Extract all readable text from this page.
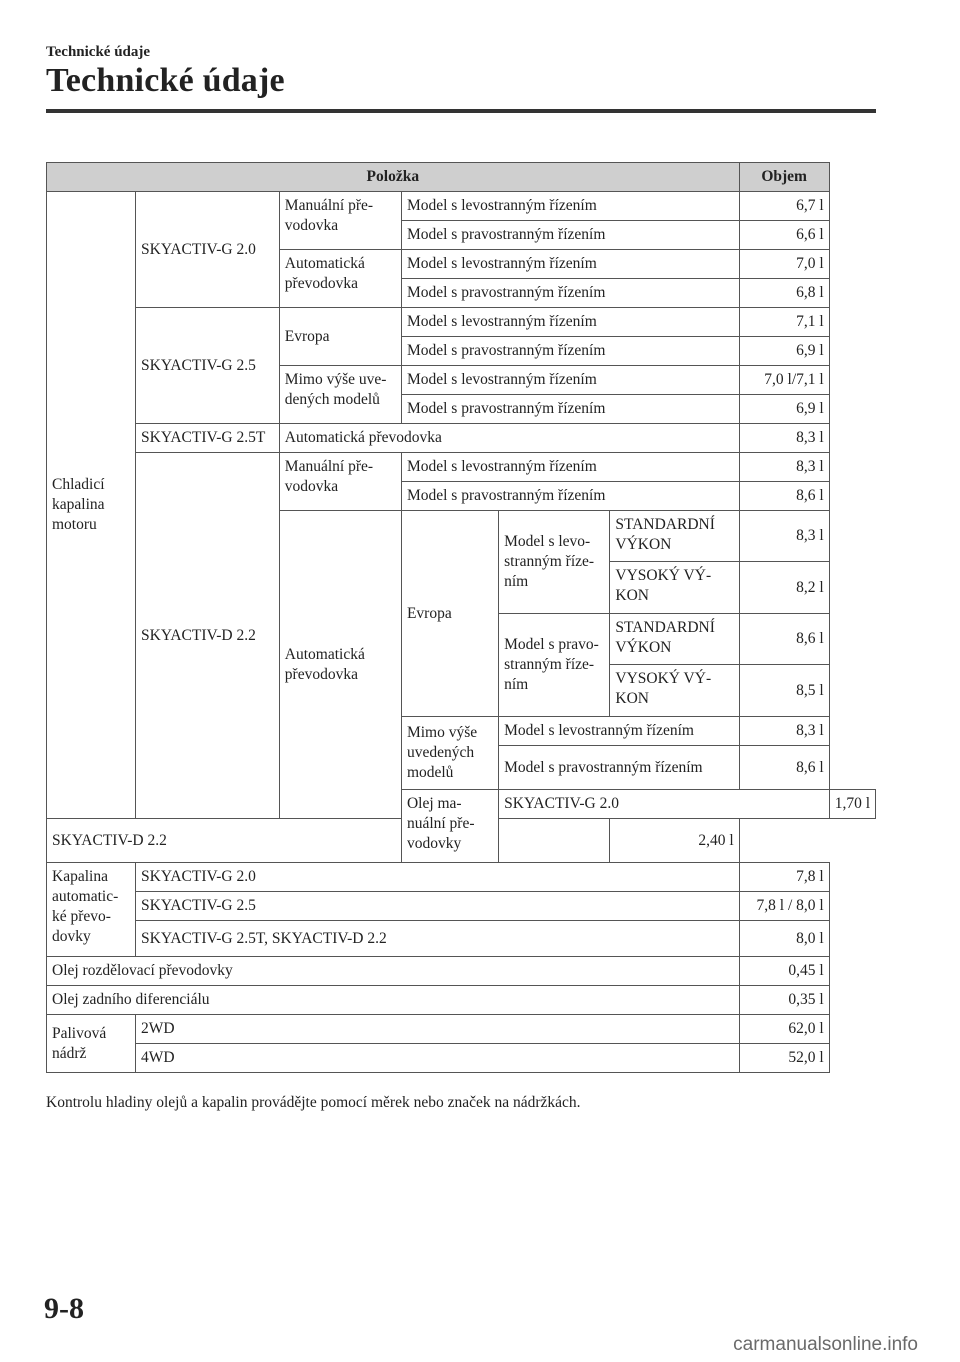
Technické údaje
Technické údaje
Položka						Objem	
Chladicí kapalina motoru	SKYACTIV-G 2.0	Manuální pře-vodovka	Model s levostranným řízením			6,7 l	
			Model s pravostranným řízením			6,6 l	
		Automatická převodovka	Model s levostranným řízením			7,0 l	
			Model s pravostranným řízením			6,8 l	
	SKYACTIV-G 2.5	Evropa	Model s levostranným řízením			7,1 l	
			Model s pravostranným řízením			6,9 l	
		Mimo výše uve-dených modelů	Model s levostranným řízením			7,0 l/7,1 l	
			Model s pravostranným řízením			6,9 l	
	SKYACTIV-G 2.5T	Automatická převodovka				8,3 l	
	SKYACTIV-D 2.2	Manuální pře-vodovka	Model s levostranným řízením			8,3 l	
			Model s pravostranným řízením			8,6 l	
		Automatická převodovka	Evropa	Model s levo-stranným říze-ním	STANDARDNÍ VÝKON	8,3 l	

					VYSOKÝ VÝ-KON	8,2 l	
				Model s pravo-stranným říze-ním	STANDARDNÍ VÝKON	8,6 l	

					VYSOKÝ VÝ-KON	8,5 l	
			Mimo výše uvedených modelů	Model s levostranným řízením		8,3 l	
				Model s pravostranným řízením		8,6 l	
			Olej ma-nuální pře-vodovky	SKYACTIV-G 2.0			1,70 l
SKYACTIV-D 2.2					2,40 l		
Kapalina automatic-ké převo-dovky	SKYACTIV-G 2.0					7,8 l	
	SKYACTIV-G 2.5					7,8 l / 8,0 l	
	SKYACTIV-G 2.5T, SKYACTIV-D 2.2					8,0 l	
Olej rozdělovací převodovky						0,45 l	
Olej zadního diferenciálu						0,35 l	
Palivová nádrž	2WD					62,0 l	
	4WD					52,0 l	
Kontrolu hladiny olejů a kapalin provádějte pomocí měrek nebo značek na nádržkách.
9-8
carmanualsonline.info
